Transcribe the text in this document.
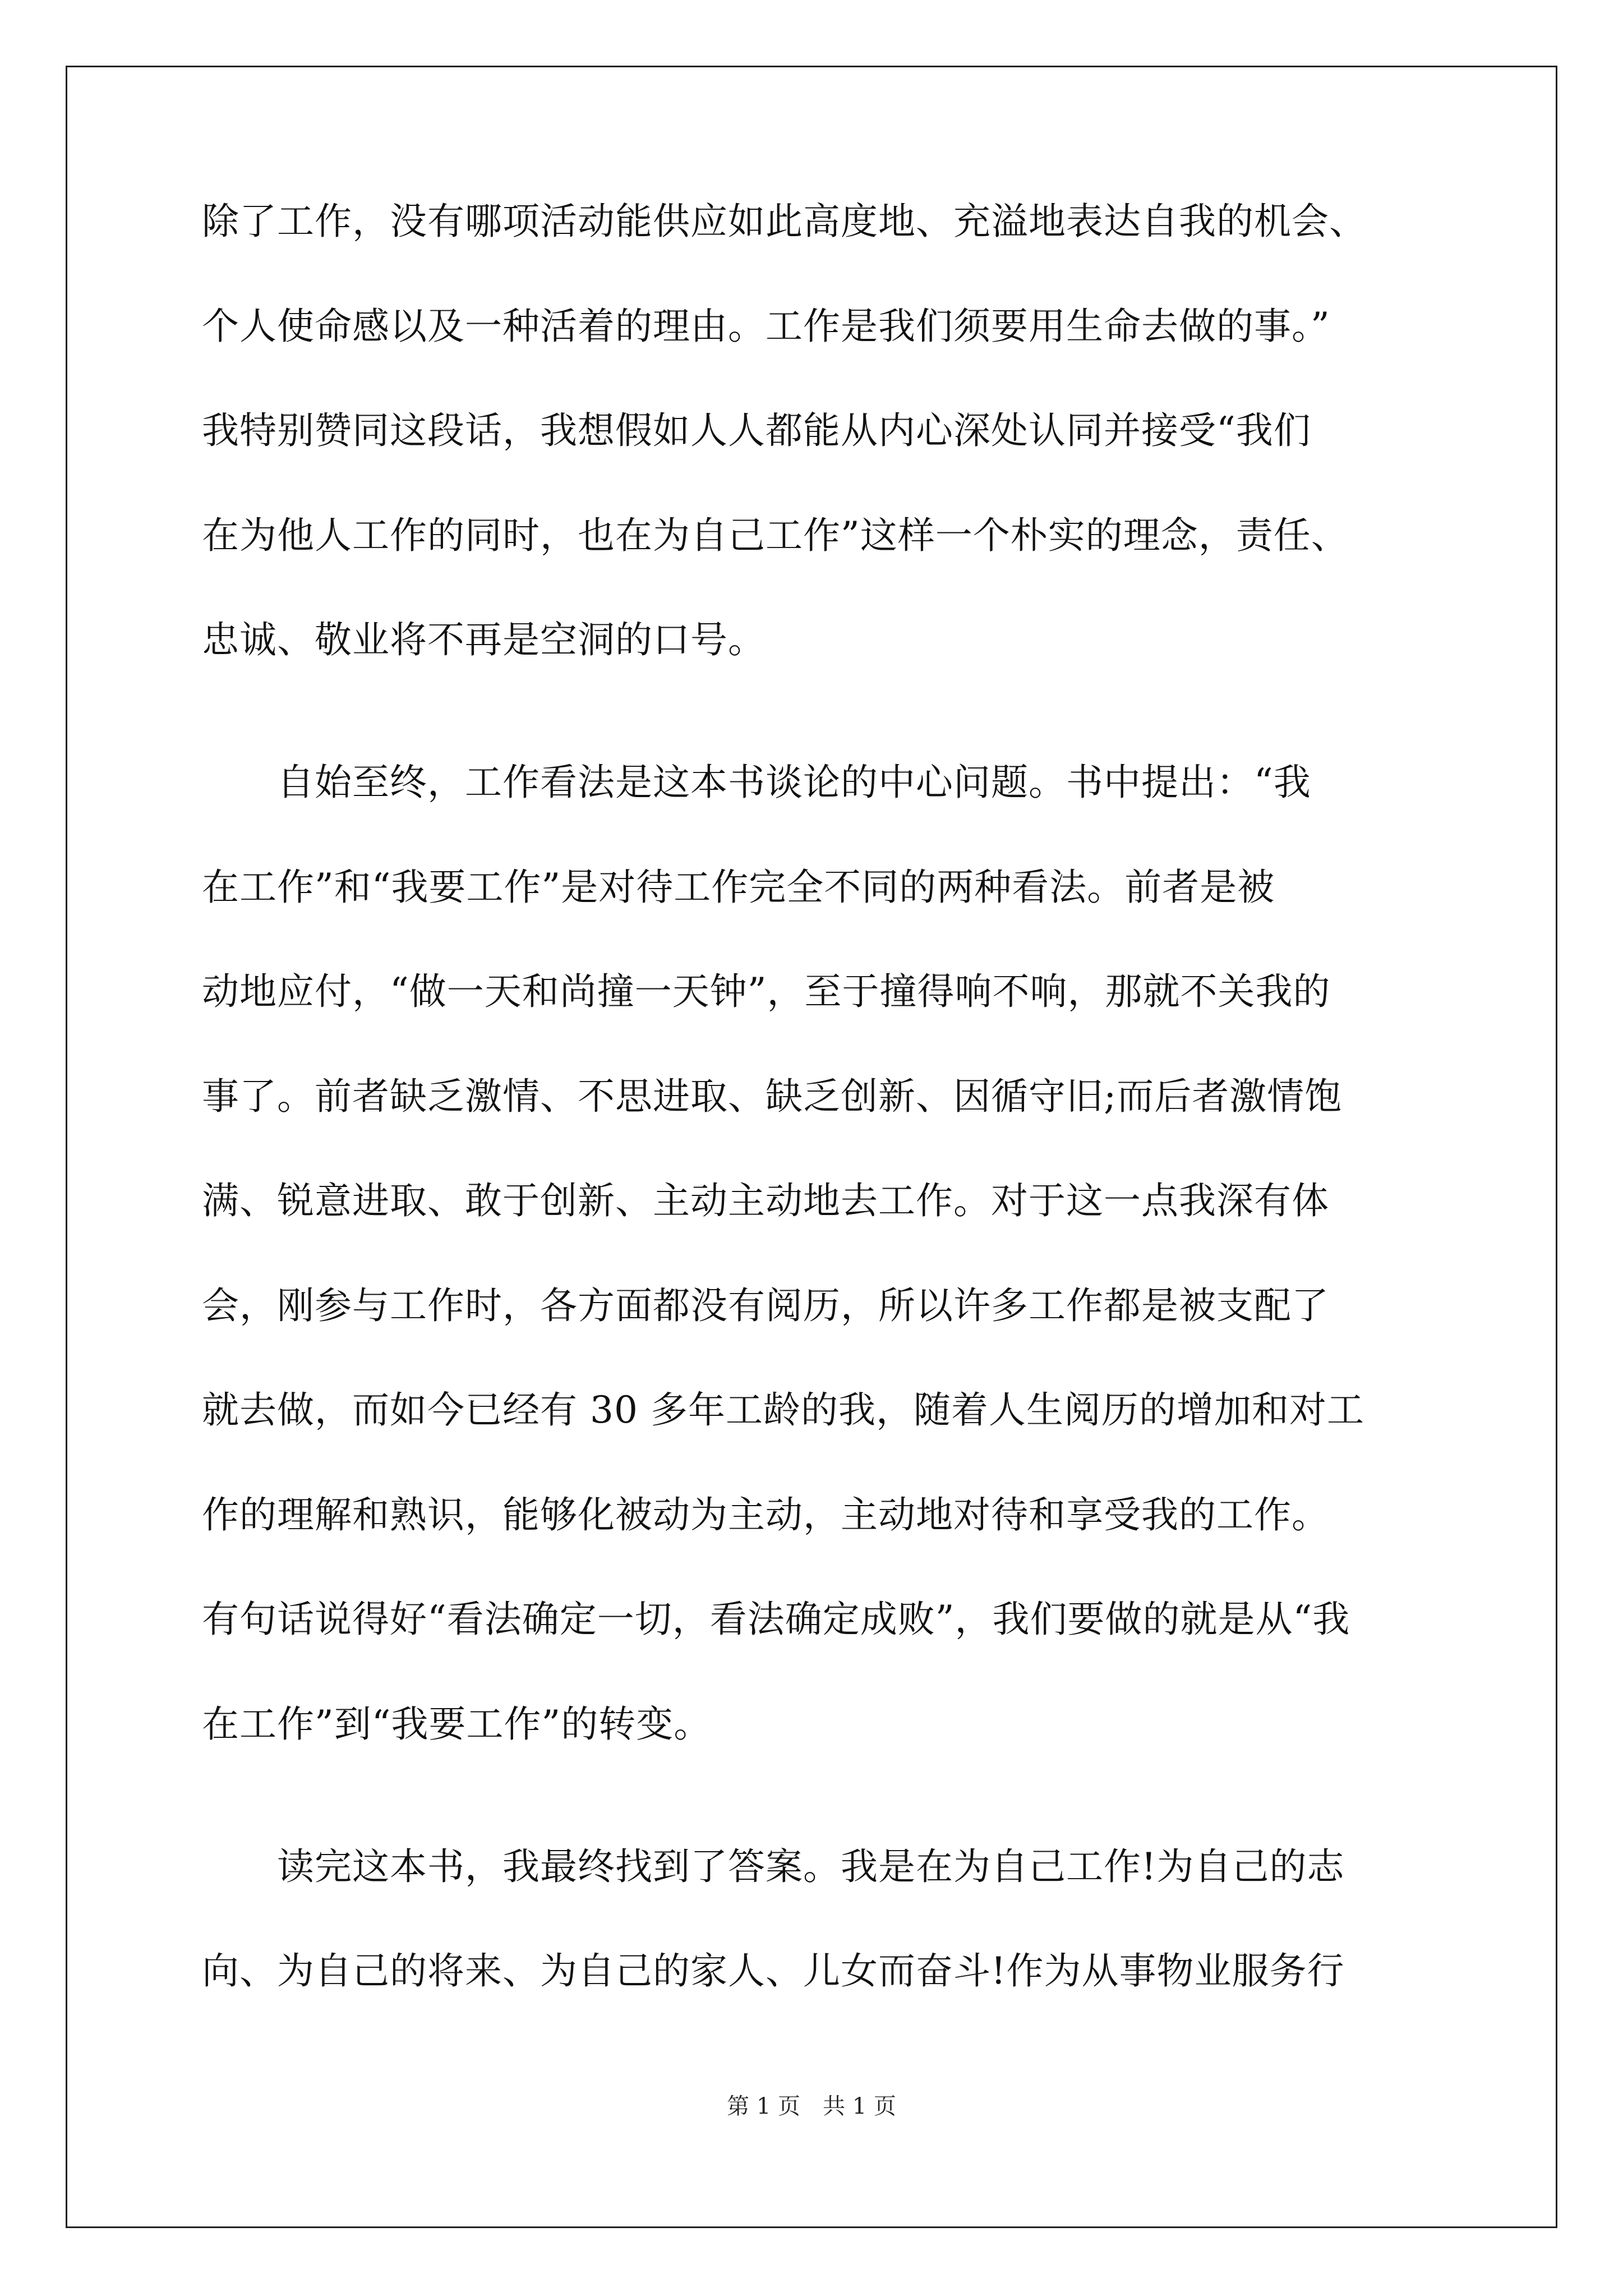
除了工作，没有哪项活动能供应如此高度地、充溢地表达自我的机会、

个人使命感以及一种活着的理由。工作是我们须要用生命去做的事。”

我特别赞同这段话，我想假如人人都能从内心深处认同并接受“我们

在为他人工作的同时，也在为自己工作”这样一个朴实的理念，责任、

忠诚、敬业将不再是空洞的口号。

　　自始至终，工作看法是这本书谈论的中心问题。书中提出：“我

在工作”和“我要工作”是对待工作完全不同的两种看法。前者是被

动地应付，“做一天和尚撞一天钟”，至于撞得响不响，那就不关我的

事了。前者缺乏激情、不思进取、缺乏创新、因循守旧;而后者激情饱

满、锐意进取、敢于创新、主动主动地去工作。对于这一点我深有体

会，刚参与工作时，各方面都没有阅历，所以许多工作都是被支配了

就去做，而如今已经有 30 多年工龄的我，随着人生阅历的增加和对工

作的理解和熟识，能够化被动为主动，主动地对待和享受我的工作。

有句话说得好“看法确定一切，看法确定成败”，我们要做的就是从“我

在工作”到“我要工作”的转变。

　　读完这本书，我最终找到了答案。我是在为自己工作!为自己的志

向、为自己的将来、为自己的家人、儿女而奋斗!作为从事物业服务行

第 1 页　共 1 页
